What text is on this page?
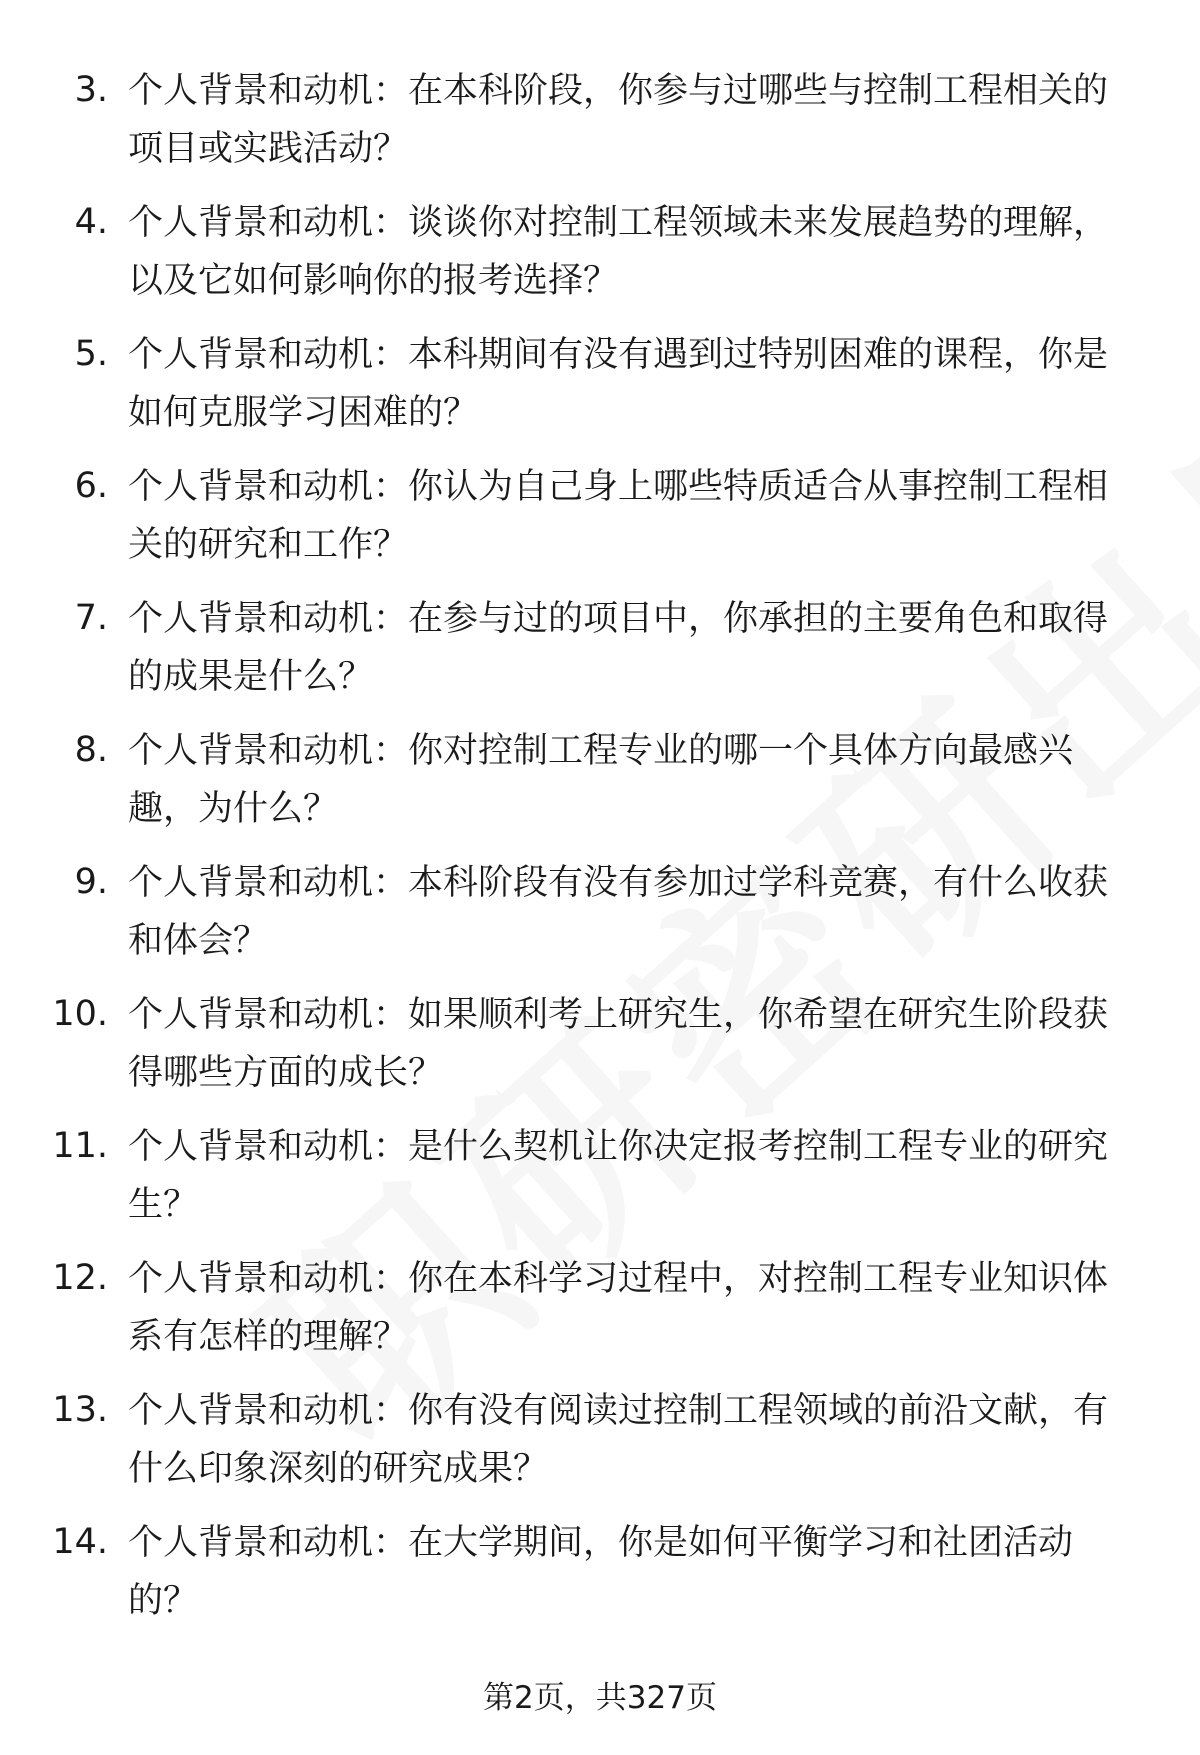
3. 个人背景和动机：在本科阶段，你参与过哪些与控制工程相关的项目或实践活动？
4. 个人背景和动机：谈谈你对控制工程领域未来发展趋势的理解，以及它如何影响你的报考选择？
5. 个人背景和动机：本科期间有没有遇到过特别困难的课程，你是如何克服学习困难的？
6. 个人背景和动机：你认为自己身上哪些特质适合从事控制工程相关的研究和工作？
7. 个人背景和动机：在参与过的项目中，你承担的主要角色和取得的成果是什么？
8. 个人背景和动机：你对控制工程专业的哪一个具体方向最感兴趣，为什么？
9. 个人背景和动机：本科阶段有没有参加过学科竞赛，有什么收获和体会？
10. 个人背景和动机：如果顺利考上研究生，你希望在研究生阶段获得哪些方面的成长？
11. 个人背景和动机：是什么契机让你决定报考控制工程专业的研究生？
12. 个人背景和动机：你在本科学习过程中，对控制工程专业知识体系有怎样的理解？
13. 个人背景和动机：你有没有阅读过控制工程领域的前沿文献，有什么印象深刻的研究成果？
14. 个人背景和动机：在大学期间，你是如何平衡学习和社团活动的？
第2页，共327页
